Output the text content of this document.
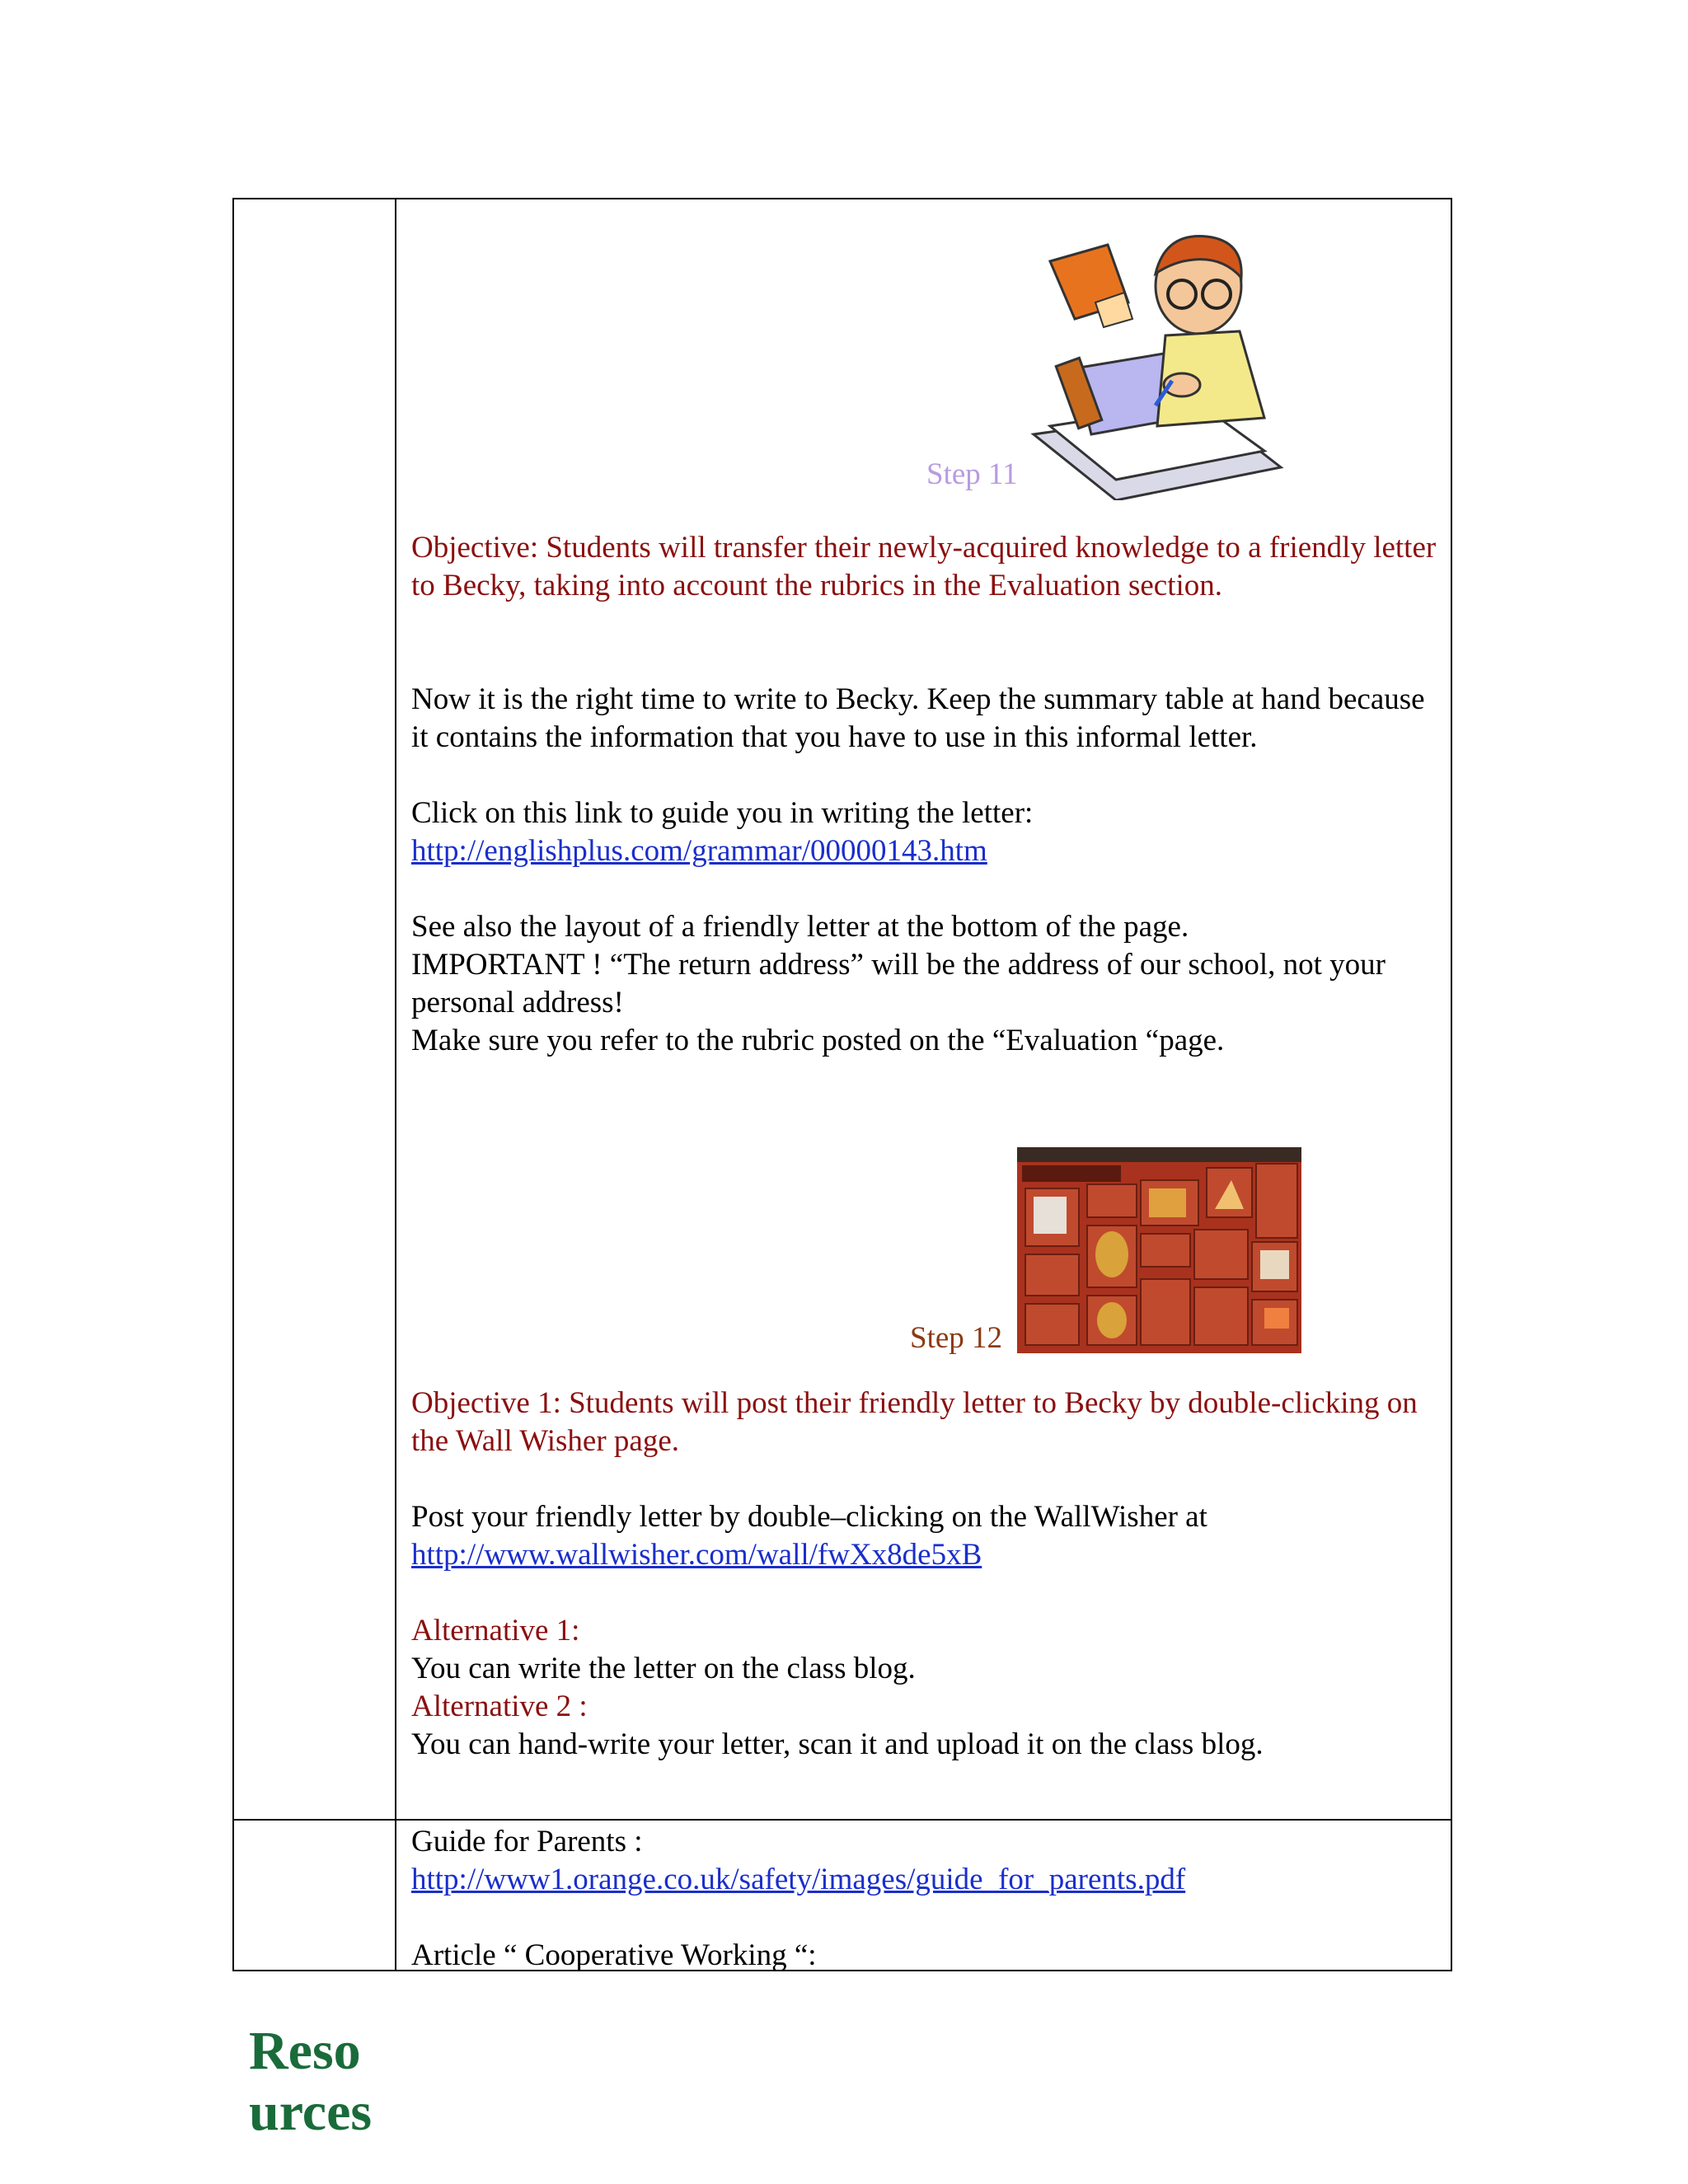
Reso
urces
Step 11

Objective: Students will transfer their newly-acquired knowledge to a friendly letter to Becky, taking into account the rubrics in the Evaluation section.

Now it is the right time to write to Becky. Keep the summary table at hand because it contains the information that you have to use in this informal letter.

Click on this link to guide you in writing the letter:

http://englishplus.com/grammar/00000143.htm

See also the layout of a friendly letter at the bottom of the page.

IMPORTANT ! “The return address” will be the address of our school, not your personal address!

Make sure you refer to the rubric posted on the “Evaluation “page.

Step 12

Objective 1: Students will post their friendly letter to Becky by double-clicking on the Wall Wisher page.

Post your friendly letter by double–clicking on the WallWisher at

http://www.wallwisher.com/wall/fwXx8de5xB

Alternative 1:

You can write the letter on the class blog.

Alternative 2 :

You can hand-write your letter, scan it and upload it on the class blog.

Guide for Parents :

http://www1.orange.co.uk/safety/images/guide_for_parents.pdf

Article “ Cooperative Working “:
